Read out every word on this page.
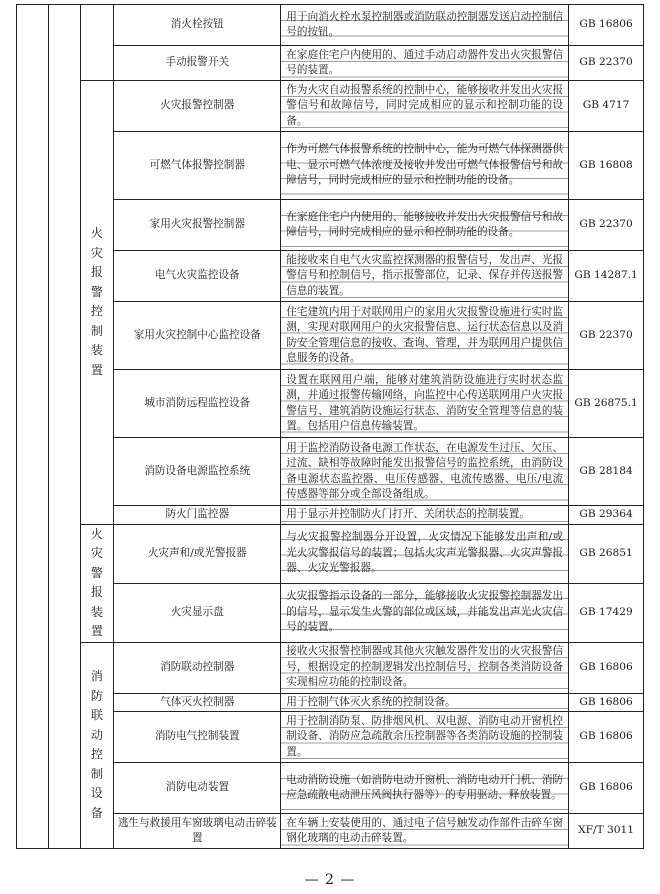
			消火栓按钮	用于向消火栓水泵控制器或消防联动控制器发送启动控制信号的按钮。	GB 16806
			手动报警开关	在家庭住宅户内使用的、通过手动启动器件发出火灾报警信号的装置。	GB 22370
		火灾报警控制装置	火灾报警控制器	作为火灾自动报警系统的控制中心，能够接收并发出火灾报警信号和故障信号，同时完成相应的显示和控制功能的设备。	GB 4717
			可燃气体报警控制器	作为可燃气体报警系统的控制中心，能为可燃气体探测器供电、显示可燃气体浓度及接收并发出可燃气体报警信号和故障信号，同时完成相应的显示和控制功能的设备。	GB 16808
			家用火灾报警控制器	在家庭住宅户内使用的、能够接收并发出火灾报警信号和故障信号，同时完成相应的显示和控制功能的设备。	GB 22370
			电气火灾监控设备	能接收来自电气火灾监控探测器的报警信号，发出声、光报警信号和控制信号，指示报警部位，记录、保存并传送报警信息的装置。	GB 14287.1
			家用火灾控制中心监控设备	住宅建筑内用于对联网用户的家用火灾报警设施进行实时监测，实现对联网用户的火灾报警信息、运行状态信息以及消防安全管理信息的接收、查询、管理，并为联网用户提供信息服务的设备。	GB 22370
			城市消防远程监控设备	设置在联网用户端，能够对建筑消防设施进行实时状态监测，并通过报警传输网络，向监控中心传送联网用户火灾报警信号、建筑消防设施运行状态、消防安全管理等信息的装置。包括用户信息传输装置。	GB 26875.1
			消防设备电源监控系统	用于监控消防设备电源工作状态，在电源发生过压、欠压、过流、缺相等故障时能发出报警信号的监控系统，由消防设备电源状态监控器、电压传感器、电流传感器、电压/电流传感器等部分或全部设备组成。	GB 28184
			防火门监控器	用于显示并控制防火门打开、关闭状态的控制装置。	GB 29364
		火灾警报装置	火灾声和/或光警报器	与火灾报警控制器分开设置，火灾情况下能够发出声和/或光火灾警报信号的装置；包括火灾声光警报器、火灾声警报器、火灾光警报器。	GB 26851
			火灾显示盘	火灾报警指示设备的一部分，能够接收火灾报警控制器发出的信号，显示发生火警的部位或区域，并能发出声光火灾信号的装置。	GB 17429
		消防联动控制设备	消防联动控制器	接收火灾报警控制器或其他火灾触发器件发出的火灾报警信号，根据设定的控制逻辑发出控制信号，控制各类消防设备实现相应功能的控制设备。	GB 16806
			气体灭火控制器	用于控制气体灭火系统的控制设备。	GB 16806
			消防电气控制装置	用于控制消防泵、防排烟风机、双电源、消防电动开窗机控制设备、消防应急疏散余压控制器等各类消防设施的控制装置。	GB 16806
			消防电动装置	电动消防设施（如消防电动开窗机、消防电动开门机、消防应急疏散电动泄压风阀执行器等）的专用驱动、释放装置。	GB 16806
			逃生与救援用车窗玻璃电动击碎装置	在车辆上安装使用的、通过电子信号触发动作部件击碎车窗钢化玻璃的电动击碎装置。	XF/T 3011
— 2 —
